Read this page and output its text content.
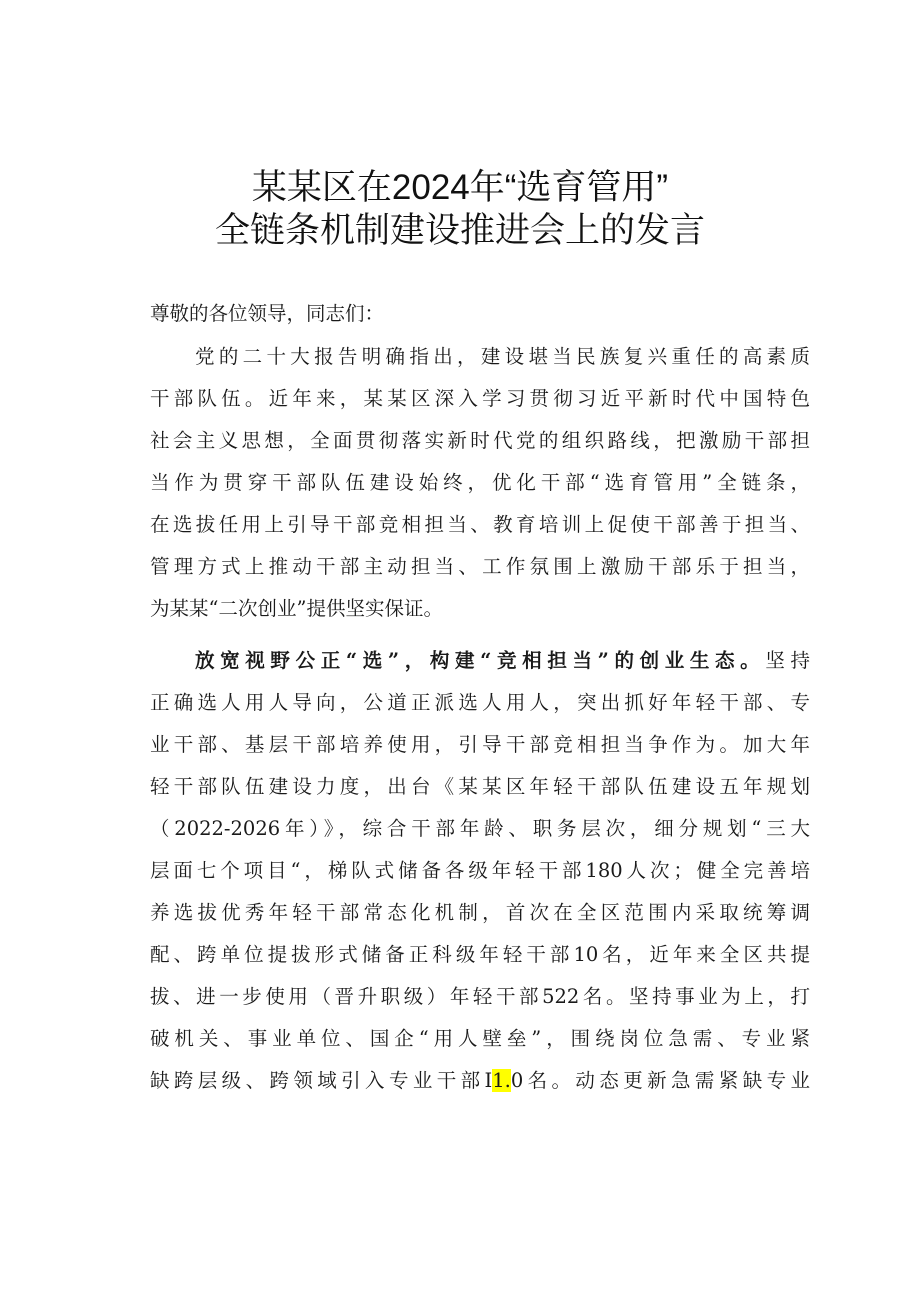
某某区在2024年“选育管用”
全链条机制建设推进会上的发言
尊敬的各位领导，同志们：
党的二十大报告明确指出，建设堪当民族复兴重任的高素质
干部队伍。近年来，某某区深入学习贯彻习近平新时代中国特色
社会主义思想，全面贯彻落实新时代党的组织路线，把激励干部担
当作为贯穿干部队伍建设始终，优化干部“选育管用”全链条，
在选拔任用上引导干部竞相担当、教育培训上促使干部善于担当、
管理方式上推动干部主动担当、工作氛围上激励干部乐于担当，
为某某“二次创业”提供坚实保证。
放宽视野公正“选”，构建“竞相担当”的创业生态。坚持
正确选人用人导向，公道正派选人用人，突出抓好年轻干部、专
业干部、基层干部培养使用，引导干部竞相担当争作为。加大年
轻干部队伍建设力度，出台《某某区年轻干部队伍建设五年规划
（2022-2026年）》，综合干部年龄、职务层次，细分规划“三大
层面七个项目“，梯队式储备各级年轻干部180人次；健全完善培
养选拔优秀年轻干部常态化机制，首次在全区范围内采取统筹调
配、跨单位提拔形式储备正科级年轻干部10名，近年来全区共提
拔、进一步使用（晋升职级）年轻干部522名。坚持事业为上，打
破机关、事业单位、国企“用人壁垒”，围绕岗位急需、专业紧
缺跨层级、跨领域引入专业干部I1.0名。动态更新急需紧缺专业
